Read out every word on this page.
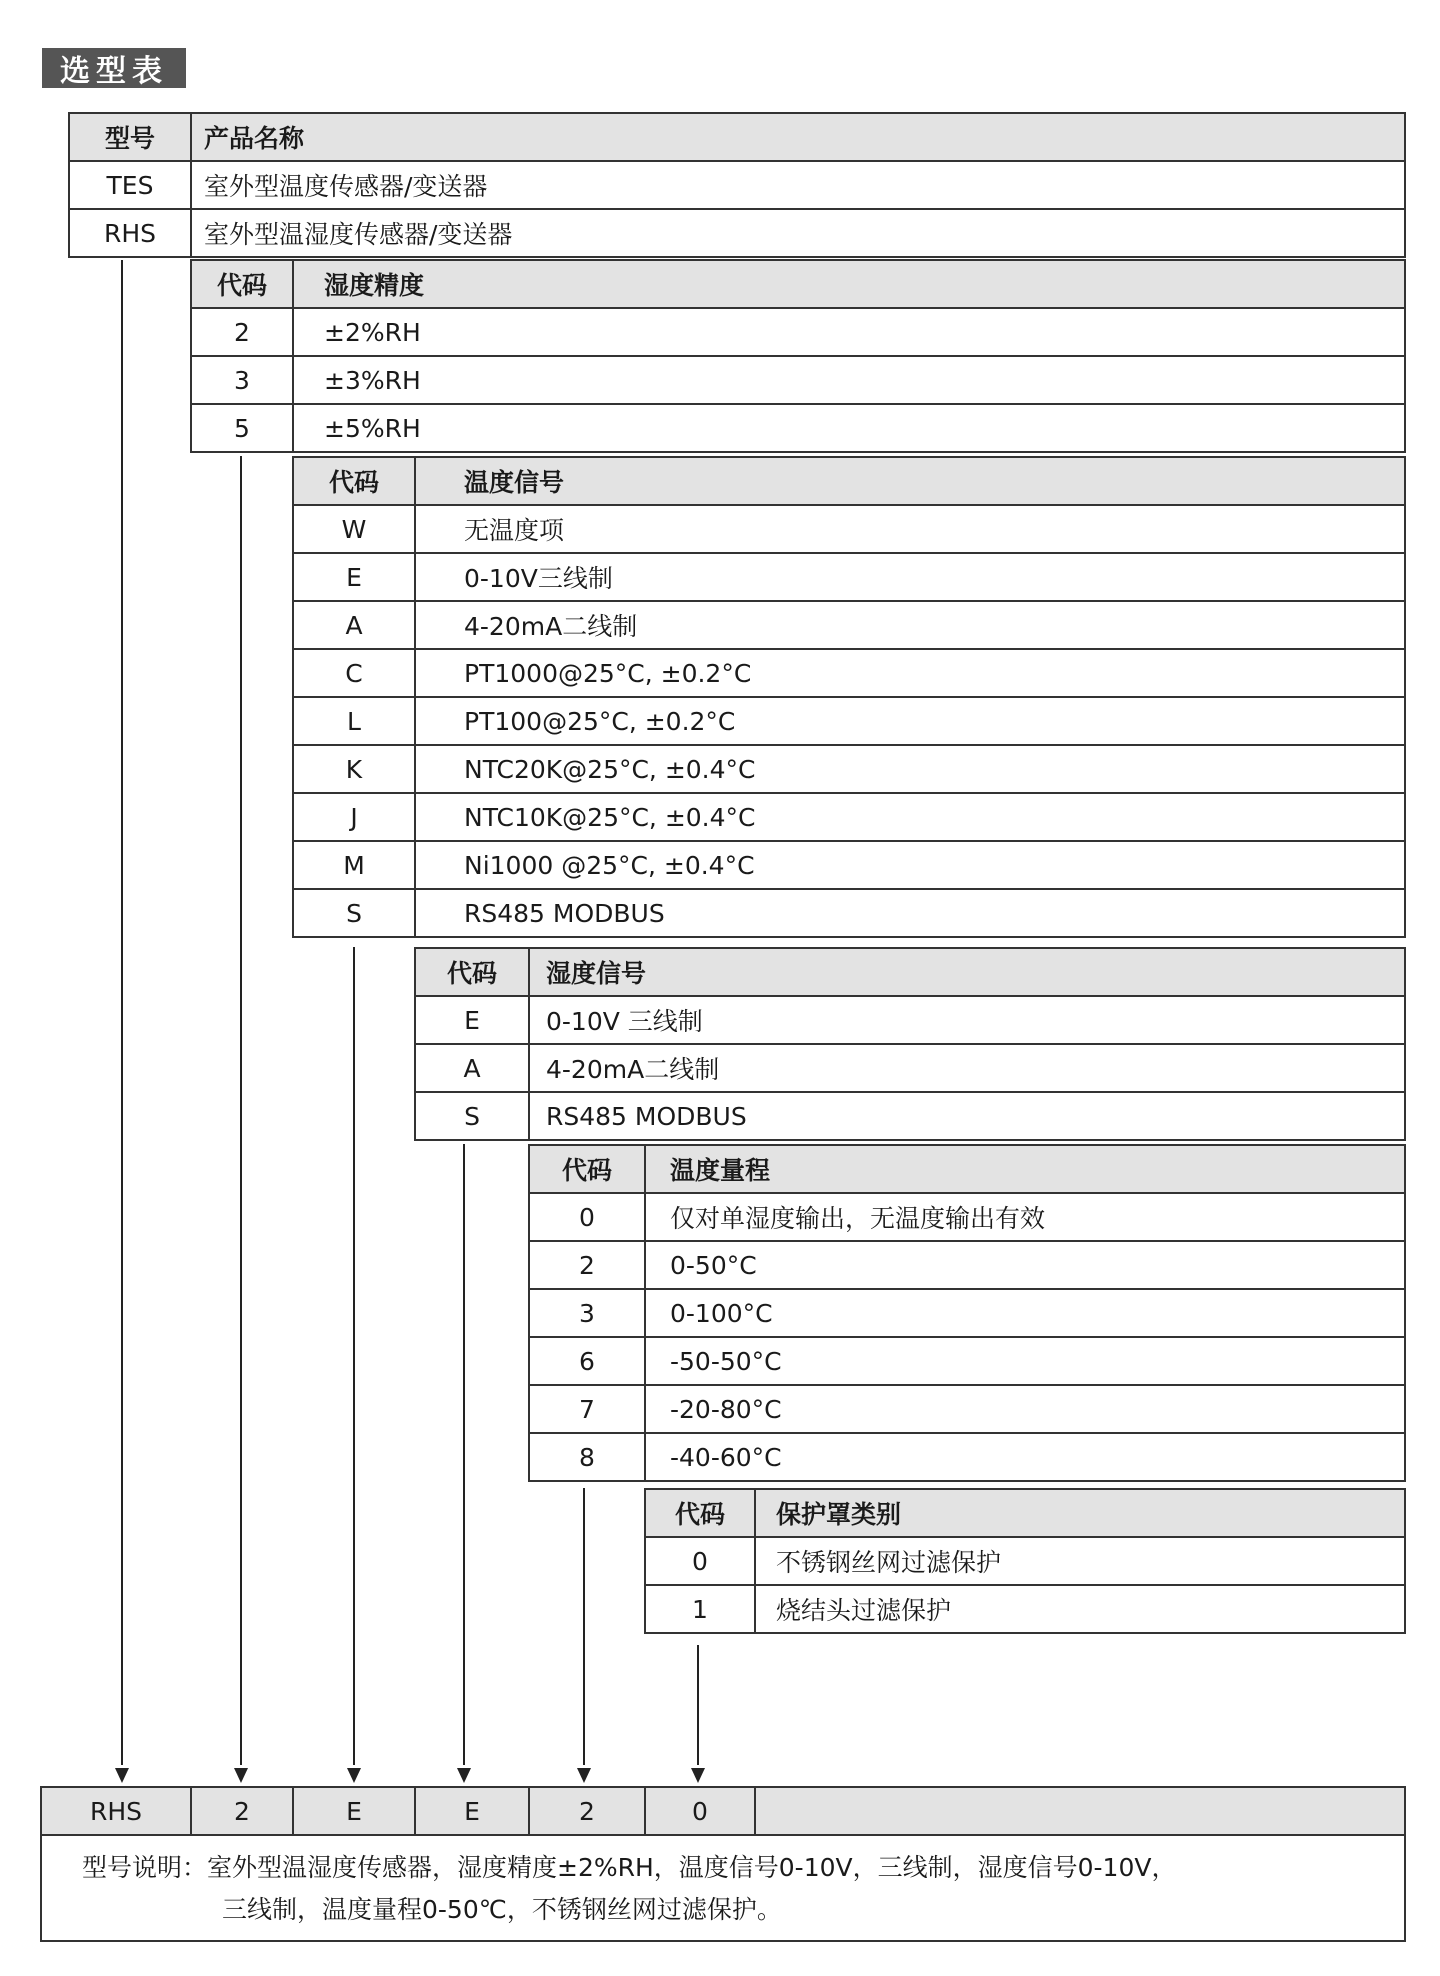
选型表
型号	产品名称
TES	室外型温度传感器/变送器
RHS	室外型温湿度传感器/变送器
代码	湿度精度
2	±2%RH
3	±3%RH
5	±5%RH
代码	温度信号
W	无温度项
E	0-10V三线制
A	4-20mA二线制
C	PT1000@25°C, ±0.2°C
L	PT100@25°C, ±0.2°C
K	NTC20K@25°C, ±0.4°C
J	NTC10K@25°C, ±0.4°C
M	Ni1000 @25°C, ±0.4°C
S	RS485 MODBUS
代码	湿度信号
E	0-10V 三线制
A	4-20mA二线制
S	RS485 MODBUS
代码	温度量程
0	仅对单湿度输出，无温度输出有效
2	0-50°C
3	0-100°C
6	-50-50°C
7	-20-80°C
8	-40-60°C
代码	保护罩类别
0	不锈钢丝网过滤保护
1	烧结头过滤保护
RHS	2	E	E	2	0
型号说明：室外型温湿度传感器，湿度精度±2%RH，温度信号0-10V，三线制，湿度信号0-10V，
三线制，温度量程0-50℃，不锈钢丝网过滤保护。
